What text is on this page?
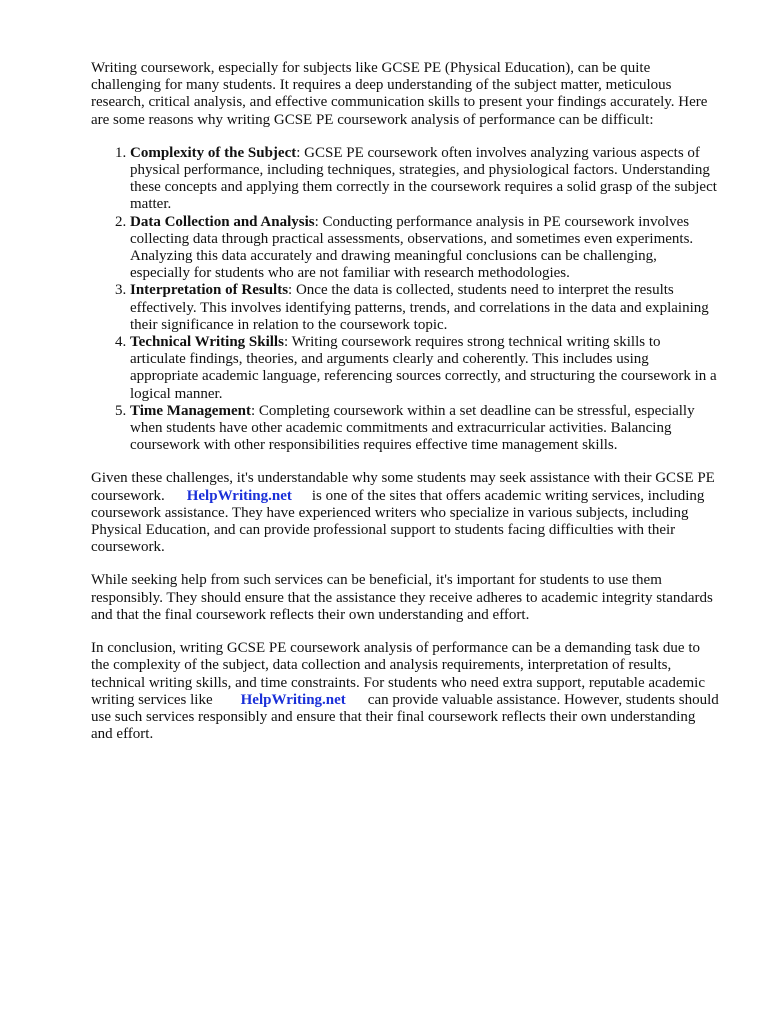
Writing coursework, especially for subjects like GCSE PE (Physical Education), can be quite challenging for many students. It requires a deep understanding of the subject matter, meticulous research, critical analysis, and effective communication skills to present your findings accurately. Here are some reasons why writing GCSE PE coursework analysis of performance can be difficult:

1. Complexity of the Subject: GCSE PE coursework often involves analyzing various aspects of physical performance, including techniques, strategies, and physiological factors. Understanding these concepts and applying them correctly in the coursework requires a solid grasp of the subject matter.
2. Data Collection and Analysis: Conducting performance analysis in PE coursework involves collecting data through practical assessments, observations, and sometimes even experiments. Analyzing this data accurately and drawing meaningful conclusions can be challenging, especially for students who are not familiar with research methodologies.
3. Interpretation of Results: Once the data is collected, students need to interpret the results effectively. This involves identifying patterns, trends, and correlations in the data and explaining their significance in relation to the coursework topic.
4. Technical Writing Skills: Writing coursework requires strong technical writing skills to articulate findings, theories, and arguments clearly and coherently. This includes using appropriate academic language, referencing sources correctly, and structuring the coursework in a logical manner.
5. Time Management: Completing coursework within a set deadline can be stressful, especially when students have other academic commitments and extracurricular activities. Balancing coursework with other responsibilities requires effective time management skills.

Given these challenges, it's understandable why some students may seek assistance with their GCSE PE coursework. HelpWriting.net is one of the sites that offers academic writing services, including coursework assistance. They have experienced writers who specialize in various subjects, including Physical Education, and can provide professional support to students facing difficulties with their coursework.

While seeking help from such services can be beneficial, it's important for students to use them responsibly. They should ensure that the assistance they receive adheres to academic integrity standards and that the final coursework reflects their own understanding and effort.

In conclusion, writing GCSE PE coursework analysis of performance can be a demanding task due to the complexity of the subject, data collection and analysis requirements, interpretation of results, technical writing skills, and time constraints. For students who need extra support, reputable academic writing services like HelpWriting.net can provide valuable assistance. However, students should use such services responsibly and ensure that their final coursework reflects their own understanding and effort.
